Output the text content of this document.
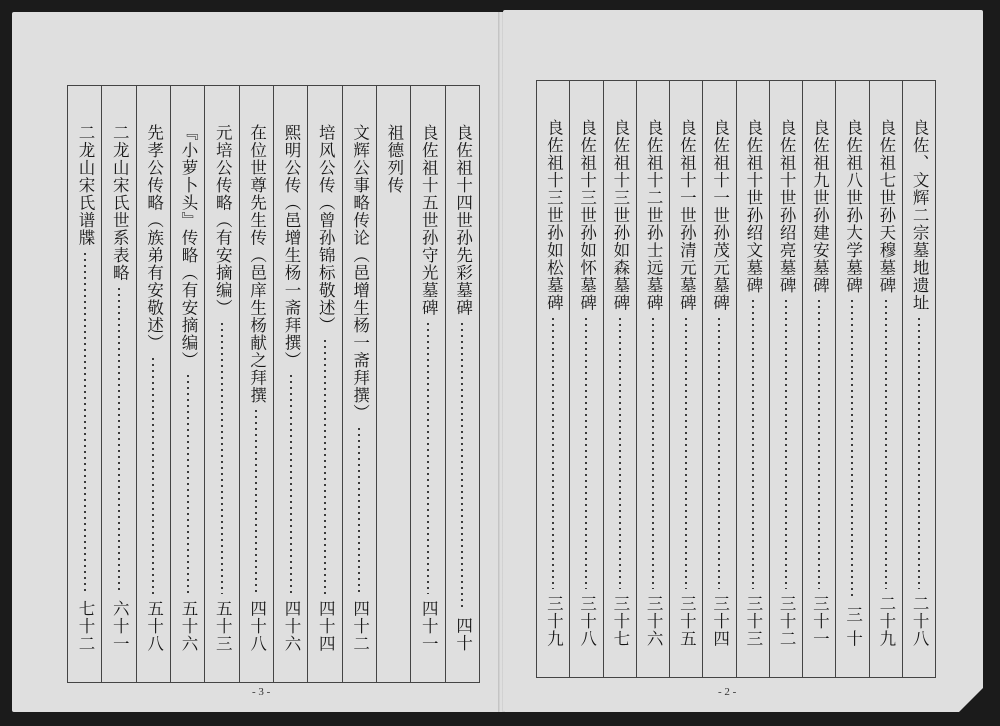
良佐祖十四世孙先彩墓碑
四十
良佐祖十五世孙守光墓碑
四十一
祖德列传
文辉公事略传论（邑增生杨一斋拜撰）
四十二
培风公传（曾孙锦标敬述）
四十四
熙明公传（邑增生杨一斋拜撰）
四十六
在位世尊先生传（邑庠生杨献之拜撰
四十八
元培公传略（有安摘编）
五十三
『小萝卜头』传略（有安摘编）
五十六
先孝公传略（族弟有安敬述）
五十八
二龙山宋氏世系表略
六十一
二龙山宋氏谱牒
七十二
- 3 -
良佐、文辉二宗墓地遗址
二十八
良佐祖七世孙天穆墓碑
二十九
良佐祖八世孙大学墓碑
三 十
良佐祖九世孙建安墓碑
三十一
良佐祖十世孙绍亮墓碑
三十二
良佐祖十世孙绍文墓碑
三十三
良佐祖十一世孙茂元墓碑
三十四
良佐祖十一世孙清元墓碑
三十五
良佐祖十二世孙士远墓碑
三十六
良佐祖十三世孙如森墓碑
三十七
良佐祖十三世孙如怀墓碑
三十八
良佐祖十三世孙如松墓碑
三十九
- 2 -
